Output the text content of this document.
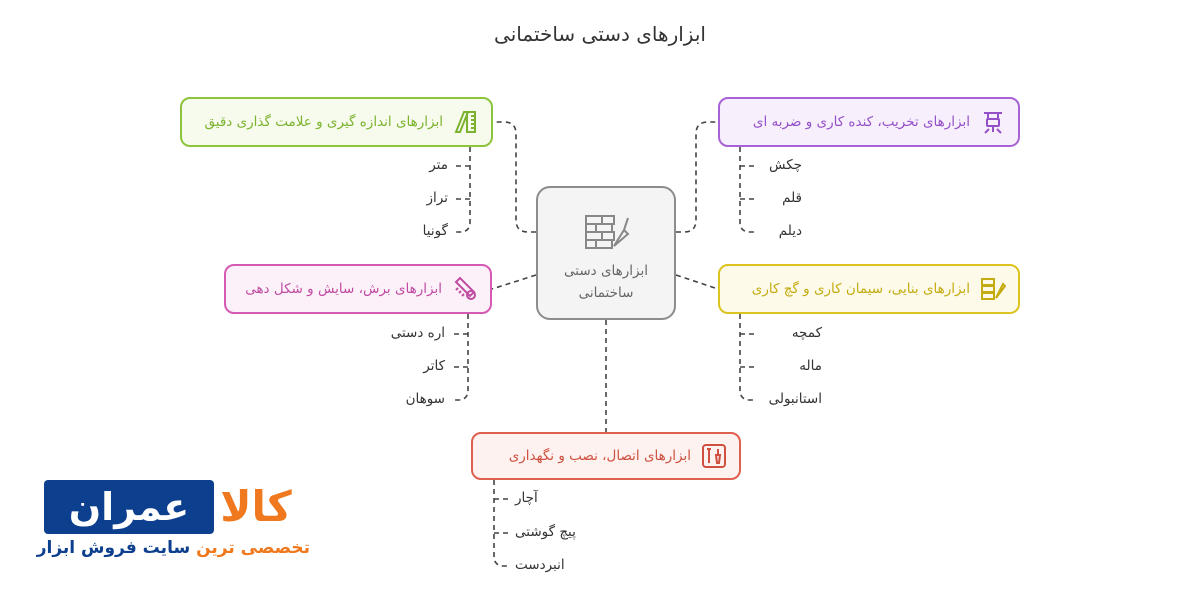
ابزارهای دستی ساختمانی
ابزارهای دستی ساختمانی
ابزارهای اندازه گیری و علامت گذاری دقیق
متر
تراز
گونیا
ابزارهای برش، سایش و شکل دهی
اره دستی
کاتر
سوهان
ابزارهای اتصال، نصب و نگهداری
آچار
پیچ گوشتی
انبردست
ابزارهای تخریب، کنده کاری و ضربه ای
چکش
قلم
دیلم
ابزارهای بنایی، سیمان کاری و گچ کاری
کمچه
ماله
استانبولی
عمران کالا
تخصصی ترین سایت فروش ابزار
